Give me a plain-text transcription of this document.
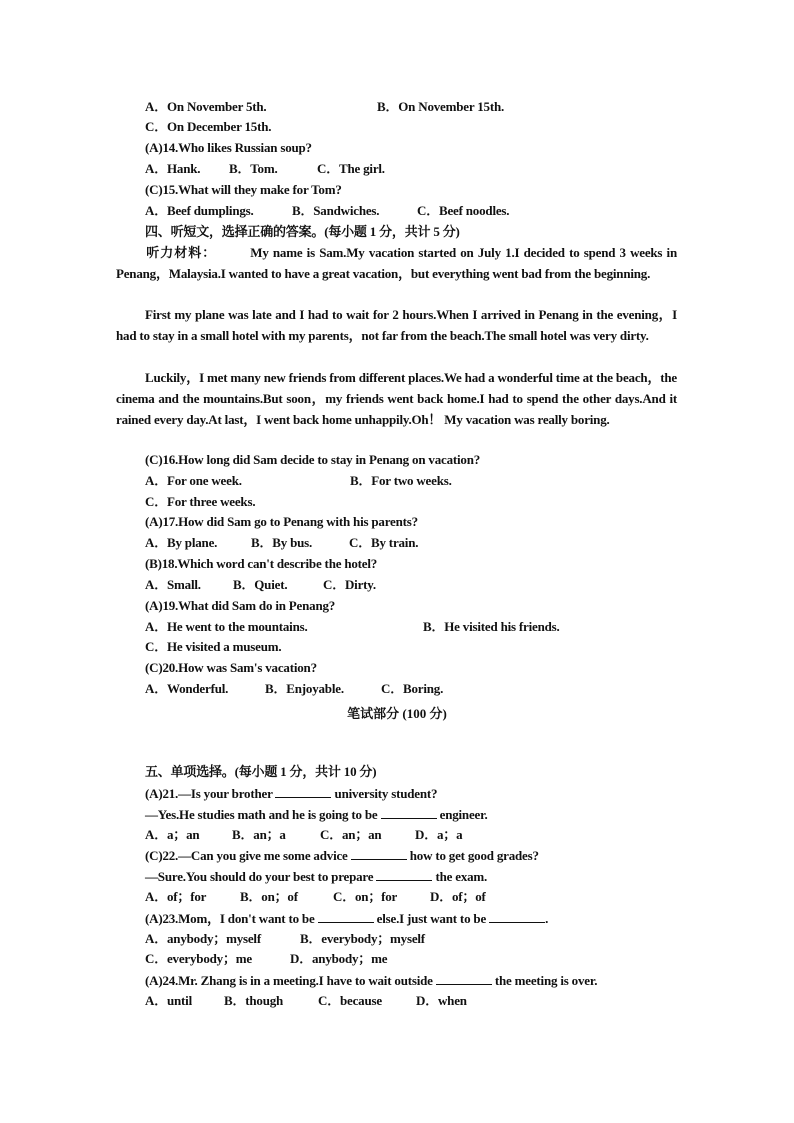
A．On November 5th.	B．On November 15th.
C．On December 15th.
(A)14.Who likes Russian soup?
A．Hank. B．Tom.	C．The girl.
(C)15.What will they make for Tom?
A．Beef dumplings.	B．Sandwiches.	C．Beef noodles.
四、听短文，选择正确的答案。(每小题 1 分，共计 5 分)
听力材料：	My name is Sam.My vacation started on July 1.I decided to spend 3 weeks in Penang，Malaysia.I wanted to have a great vacation，but everything went bad from the beginning.
First my plane was late and I had to wait for 2 hours.When I arrived in Penang in the evening，I had to stay in a small hotel with my parents，not far from the beach.The small hotel was very dirty.
Luckily，I met many new friends from different places.We had a wonderful time at the beach，the cinema and the mountains.But soon，my friends went back home.I had to spend the other days.And it rained every day.At last，I went back home unhappily.Oh！ My vacation was really boring.
(C)16.How long did Sam decide to stay in Penang on vacation?
A．For one week.	B．For two weeks.
C．For three weeks.
(A)17.How did Sam go to Penang with his parents?
A．By plane.	B．By bus.	C．By train.
(B)18.Which word can't describe the hotel?
A．Small. B．Quiet.	C．Dirty.
(A)19.What did Sam do in Penang?
A．He went to the mountains.	B．He visited his friends.
C．He visited a museum.
(C)20.How was Sam's vacation?
A．Wonderful.	B．Enjoyable.	C．Boring.
笔试部分 (100 分)
五、单项选择。(每小题 1 分，共计 10 分)
(A)21.—Is your brother	university student?
—Yes.He studies math and he is going to be	engineer.
A．a；an	B．an；a	C．an；an	D．a；a
(C)22.—Can you give me some advice	how to get good grades?
—Sure.You should do your best to prepare	the exam.
A．of；for	B．on；of	C．on；for	D．of；of
(A)23.Mom，I don't want to be	else.I just want to be	.
A．anybody；myself	B．everybody；myself
C．everybody；me	D．anybody；me
(A)24.Mr. Zhang is in a meeting.I have to wait outside	the meeting is over.
A．until B．though	C．because	D．when
